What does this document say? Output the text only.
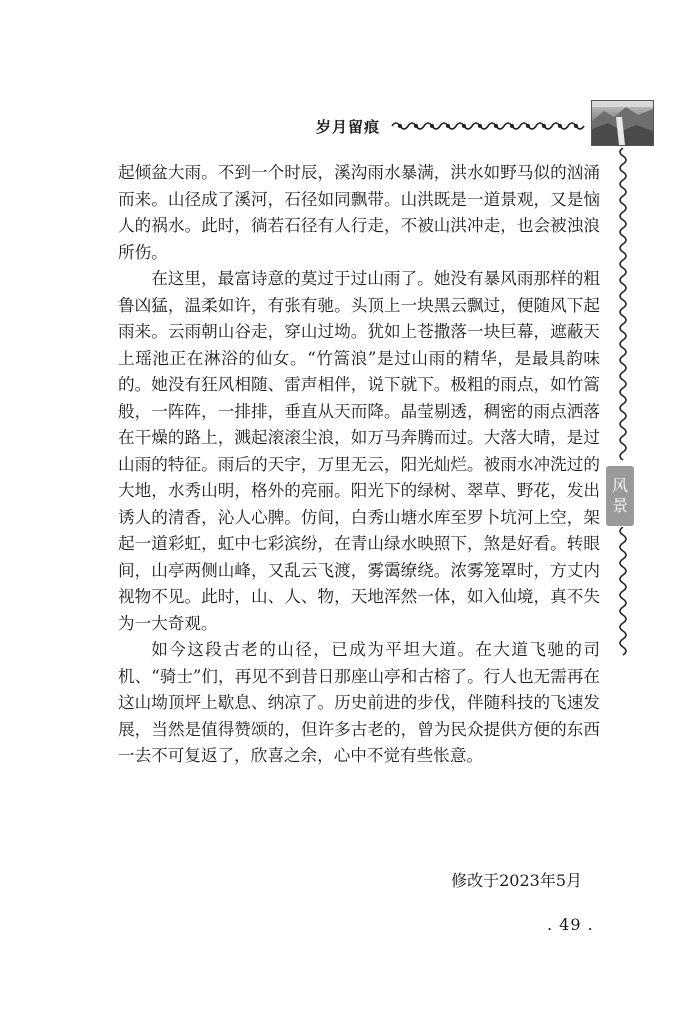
岁月留痕
风
景

起倾盆大雨。不到一个时辰，溪沟雨水暴满，洪水如野马似的汹涌而来。山径成了溪河，石径如同飘带。山洪既是一道景观，又是恼人的祸水。此时，徜若石径有人行走，不被山洪冲走，也会被浊浪所伤。

在这里，最富诗意的莫过于过山雨了。她没有暴风雨那样的粗鲁凶猛，温柔如许，有张有驰。头顶上一块黑云飘过，便随风下起雨来。云雨朝山谷走，穿山过坳。犹如上苍撒落一块巨幕，遮蔽天上瑶池正在淋浴的仙女。“竹篙浪”是过山雨的精华，是最具韵味的。她没有狂风相随、雷声相伴，说下就下。极粗的雨点，如竹篙般，一阵阵，一排排，垂直从天而降。晶莹剔透，稠密的雨点洒落在干燥的路上，溅起滚滚尘浪，如万马奔腾而过。大落大晴，是过山雨的特征。雨后的天宇，万里无云，阳光灿烂。被雨水冲洗过的大地，水秀山明，格外的亮丽。阳光下的绿树、翠草、野花，发出诱人的清香，沁人心脾。仿间，白秀山塘水库至罗卜坑河上空，架起一道彩虹，虹中七彩滨纷，在青山绿水映照下，煞是好看。转眼间，山亭两侧山峰，又乱云飞渡，雾霭缭绕。浓雾笼罩时，方丈内视物不见。此时，山、人、物，天地浑然一体，如入仙境，真不失为一大奇观。

如今这段古老的山径，已成为平坦大道。在大道飞驰的司机、“骑士”们，再见不到昔日那座山亭和古榕了。行人也无需再在这山坳顶坪上歇息、纳凉了。历史前进的步伐，伴随科技的飞速发展，当然是值得赞颂的，但许多古老的，曾为民众提供方便的东西一去不可复返了，欣喜之余，心中不觉有些怅意。

修改于2023年5月
. 49 .
